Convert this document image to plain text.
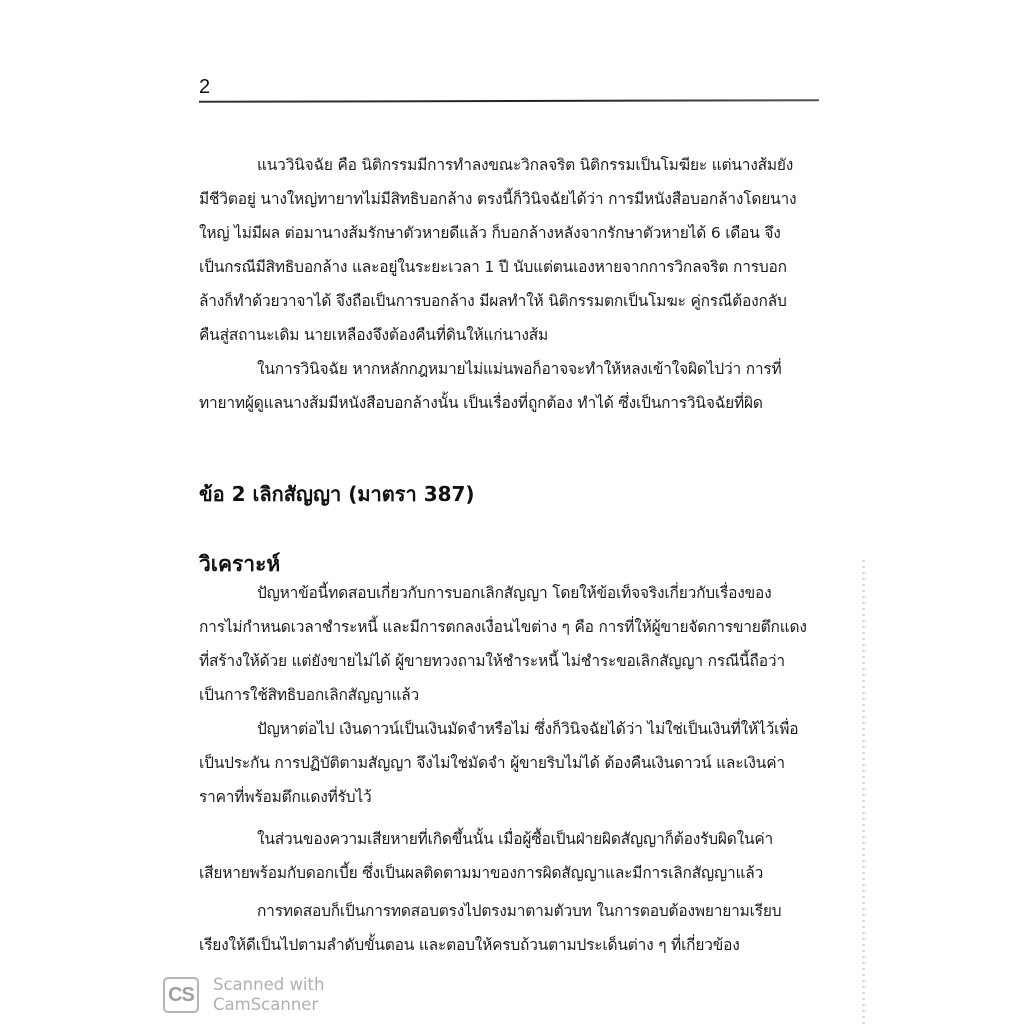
2
แนววินิจฉัย คือ นิติกรรมมีการทำลงขณะวิกลจริต นิติกรรมเป็นโมฆียะ แต่นางส้มยัง
มีชีวิตอยู่ นางใหญ่ทายาทไม่มีสิทธิบอกล้าง ตรงนี้ก็วินิจฉัยได้ว่า การมีหนังสือบอกล้างโดยนาง
ใหญ่ ไม่มีผล ต่อมานางส้มรักษาตัวหายดีแล้ว ก็บอกล้างหลังจากรักษาตัวหายได้ 6 เดือน จึง
เป็นกรณีมีสิทธิบอกล้าง และอยู่ในระยะเวลา 1 ปี นับแต่ตนเองหายจากการวิกลจริต การบอก
ล้างก็ทำด้วยวาจาได้ จึงถือเป็นการบอกล้าง มีผลทำให้ นิติกรรมตกเป็นโมฆะ คู่กรณีต้องกลับ
คืนสู่สถานะเดิม นายเหลืองจึงต้องคืนที่ดินให้แก่นางส้ม
ในการวินิจฉัย หากหลักกฎหมายไม่แม่นพอก็อาจจะทำให้หลงเข้าใจผิดไปว่า การที่
ทายาทผู้ดูแลนางส้มมีหนังสือบอกล้างนั้น เป็นเรื่องที่ถูกต้อง ทำได้ ซึ่งเป็นการวินิจฉัยที่ผิด
ข้อ 2 เลิกสัญญา (มาตรา 387)
วิเคราะห์
ปัญหาข้อนี้ทดสอบเกี่ยวกับการบอกเลิกสัญญา โดยให้ข้อเท็จจริงเกี่ยวกับเรื่องของ
การไม่กำหนดเวลาชำระหนี้ และมีการตกลงเงื่อนไขต่าง ๆ คือ การที่ให้ผู้ขายจัดการขายตึกแดง
ที่สร้างให้ด้วย แต่ยังขายไม่ได้ ผู้ขายทวงถามให้ชำระหนี้ ไม่ชำระขอเลิกสัญญา กรณีนี้ถือว่า
เป็นการใช้สิทธิบอกเลิกสัญญาแล้ว
ปัญหาต่อไป เงินดาวน์เป็นเงินมัดจำหรือไม่ ซึ่งก็วินิจฉัยได้ว่า ไม่ใช่เป็นเงินที่ให้ไว้เพื่อ
เป็นประกัน การปฏิบัติตามสัญญา จึงไม่ใช่มัดจำ ผู้ขายริบไม่ได้ ต้องคืนเงินดาวน์ และเงินค่า
ราคาที่พร้อมตึกแดงที่รับไว้
ในส่วนของความเสียหายที่เกิดขึ้นนั้น เมื่อผู้ซื้อเป็นฝ่ายผิดสัญญาก็ต้องรับผิดในค่า
เสียหายพร้อมกับดอกเบี้ย ซึ่งเป็นผลติดตามมาของการผิดสัญญาและมีการเลิกสัญญาแล้ว
การทดสอบก็เป็นการทดสอบตรงไปตรงมาตามตัวบท ในการตอบต้องพยายามเรียบ
เรียงให้ดีเป็นไปตามลำดับขั้นตอน และตอบให้ครบถ้วนตามประเด็นต่าง ๆ ที่เกี่ยวข้อง
CS	Scanned with
CamScanner
